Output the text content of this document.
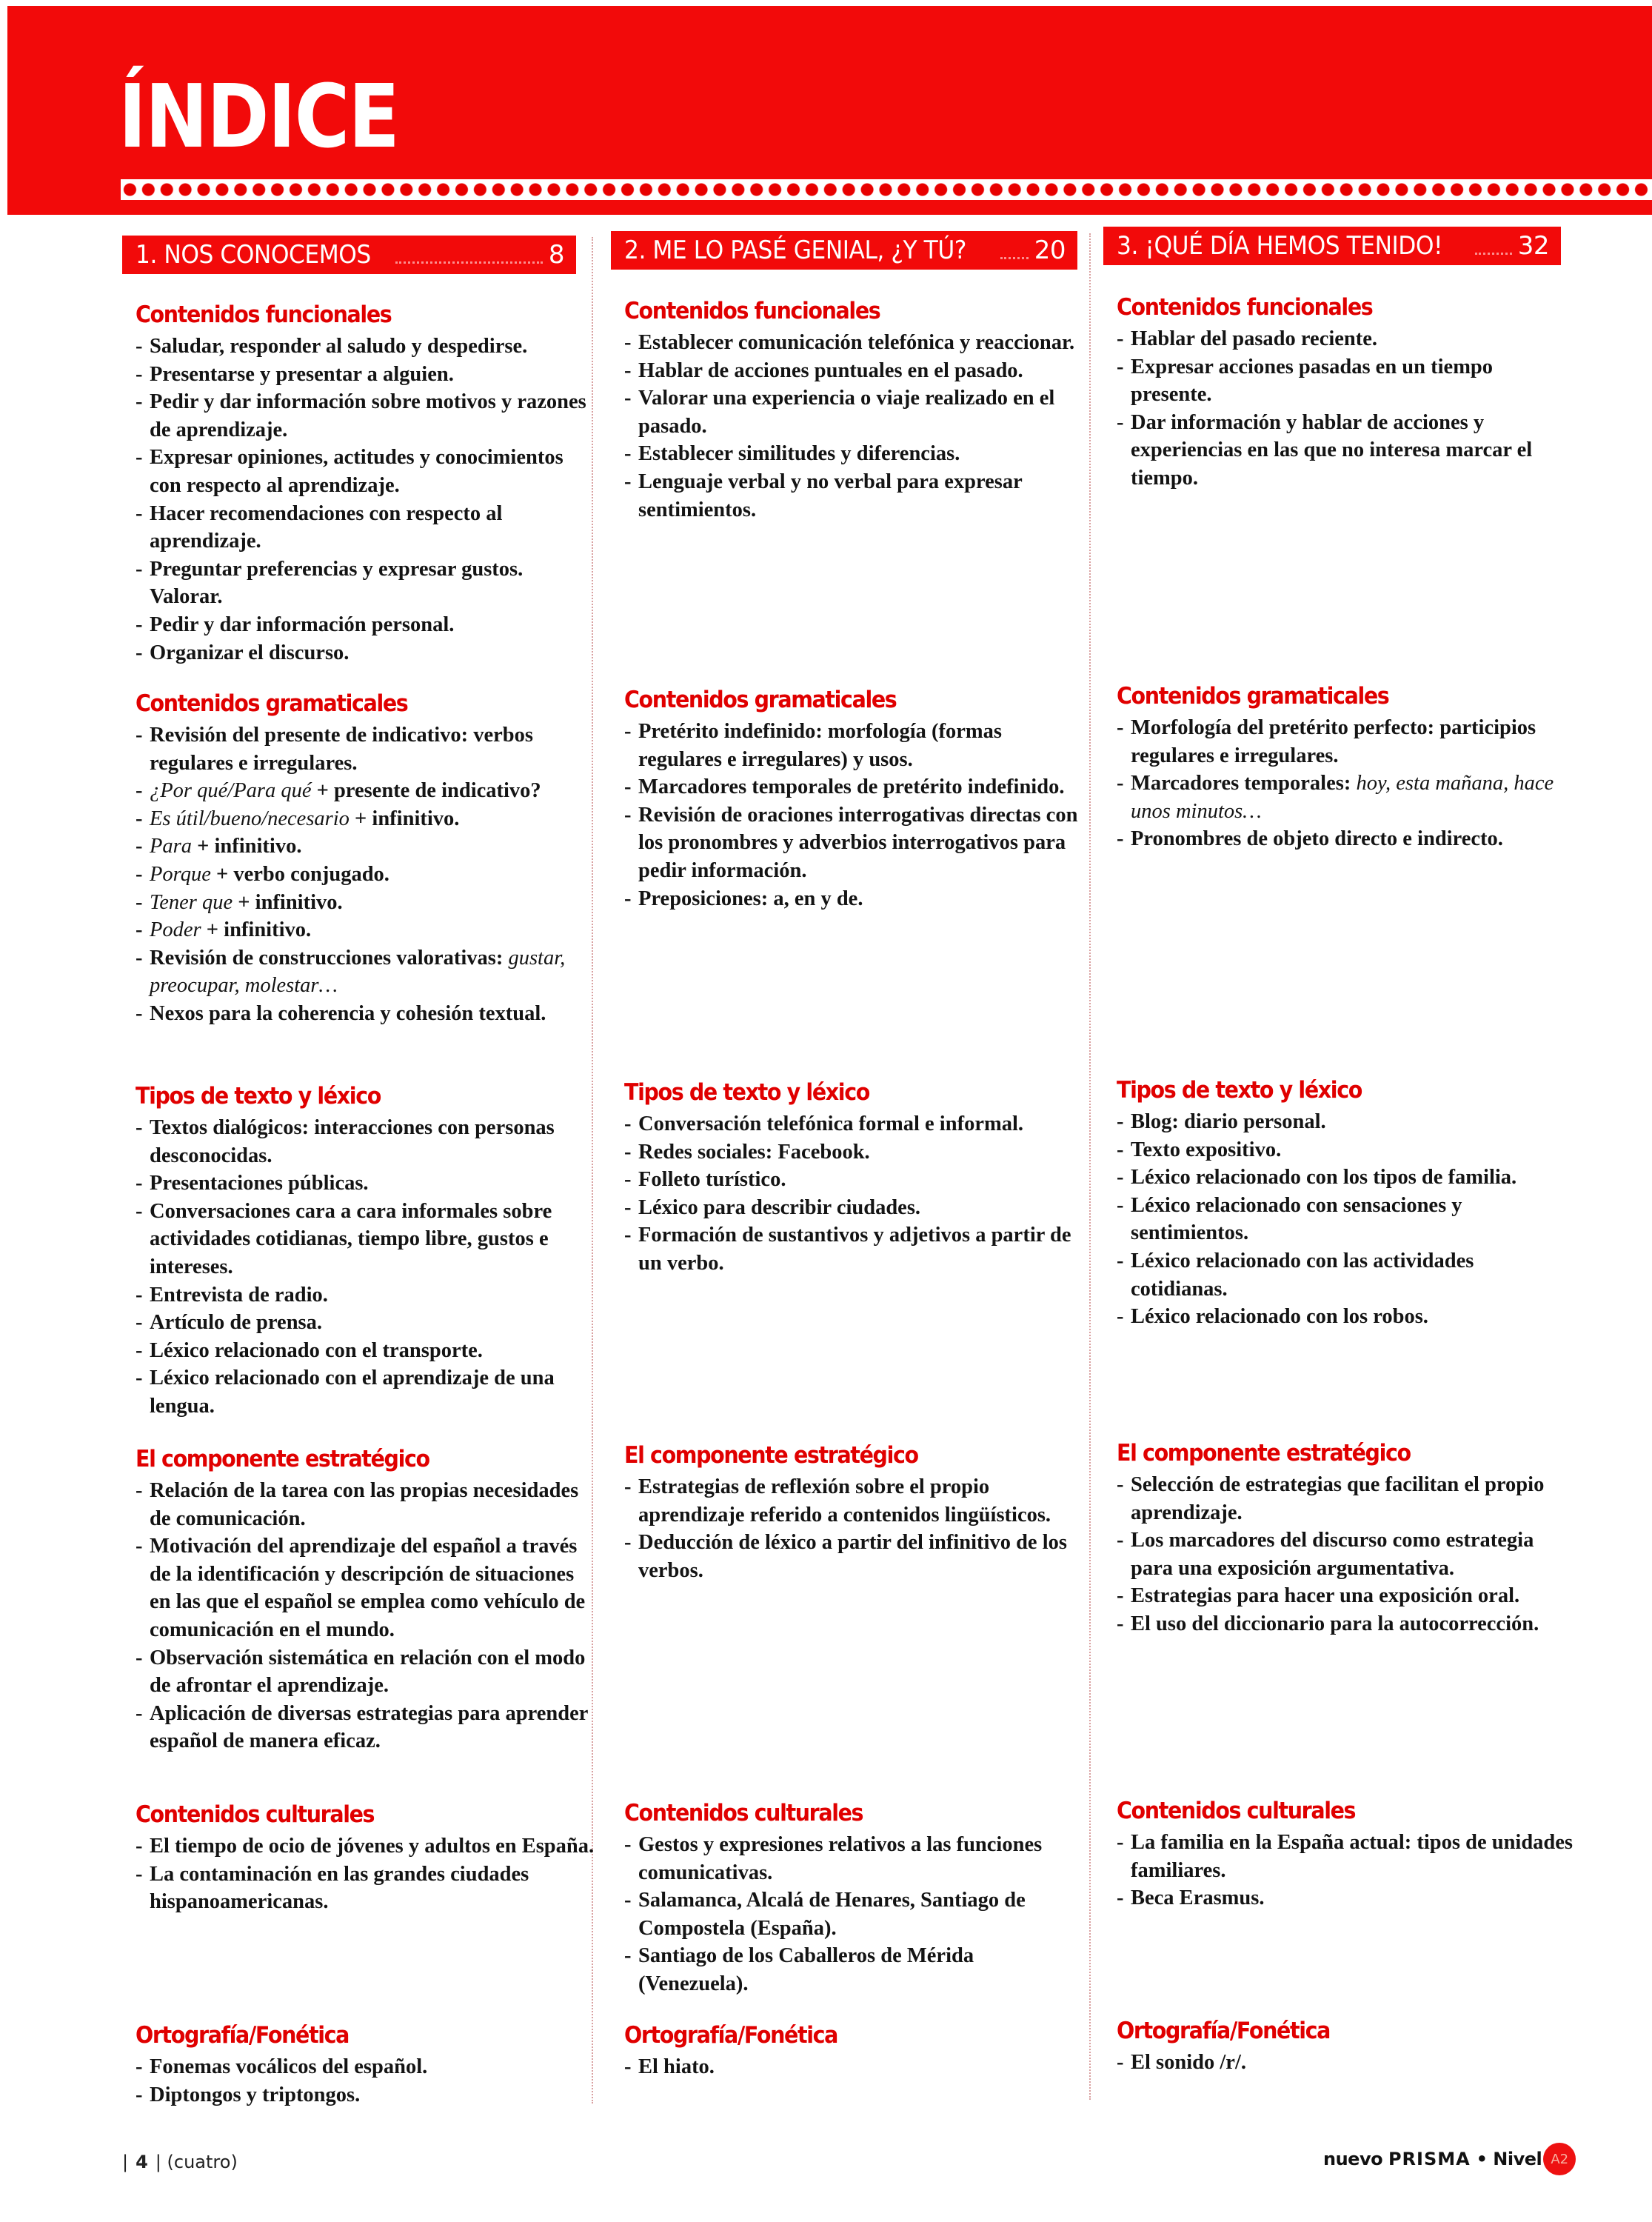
ÍNDICE
1. NOS CONOCEMOS	8 2. ME LO PASÉ GENIAL, ¿Y TÚ?	20 3. ¡QUÉ DÍA HEMOS TENIDO!	32
Contenidos funcionales
- Saludar, responder al saludo y despedirse.
- Presentarse y presentar a alguien.
- Pedir y dar información sobre motivos y razones de aprendizaje.
- Expresar opiniones, actitudes y conocimientos con respecto al aprendizaje.
- Hacer recomendaciones con respecto al aprendizaje.
- Preguntar preferencias y expresar gustos. Valorar.
- Pedir y dar información personal.
- Organizar el discurso.
Contenidos gramaticales
- Revisión del presente de indicativo: verbos regulares e irregulares.
- ¿Por qué/Para qué + presente de indicativo?
- Es útil/bueno/necesario + infinitivo.
- Para + infinitivo.
- Porque + verbo conjugado.
- Tener que + infinitivo.
- Poder + infinitivo.
- Revisión de construcciones valorativas: gustar, preocupar, molestar…
- Nexos para la coherencia y cohesión textual.
Tipos de texto y léxico
- Textos dialógicos: interacciones con personas desconocidas.
- Presentaciones públicas.
- Conversaciones cara a cara informales sobre actividades cotidianas, tiempo libre, gustos e intereses.
- Entrevista de radio.
- Artículo de prensa.
- Léxico relacionado con el transporte.
- Léxico relacionado con el aprendizaje de una lengua.
El componente estratégico
- Relación de la tarea con las propias necesidades de comunicación.
- Motivación del aprendizaje del español a través de la identificación y descripción de situaciones en las que el español se emplea como vehículo de comunicación en el mundo.
- Observación sistemática en relación con el modo de afrontar el aprendizaje.
- Aplicación de diversas estrategias para aprender español de manera eficaz.
Contenidos culturales
- El tiempo de ocio de jóvenes y adultos en España.
- La contaminación en las grandes ciudades hispanoamericanas.
Ortografía/Fonética
- Fonemas vocálicos del español.
- Diptongos y triptongos.
Contenidos funcionales
- Establecer comunicación telefónica y reaccionar.
- Hablar de acciones puntuales en el pasado.
- Valorar una experiencia o viaje realizado en el pasado.
- Establecer similitudes y diferencias.
- Lenguaje verbal y no verbal para expresar sentimientos.
Contenidos gramaticales
- Pretérito indefinido: morfología (formas regulares e irregulares) y usos.
- Marcadores temporales de pretérito indefinido.
- Revisión de oraciones interrogativas directas con los pronombres y adverbios interrogativos para pedir información.
- Preposiciones: a, en y de.
Tipos de texto y léxico
- Conversación telefónica formal e informal.
- Redes sociales: Facebook.
- Folleto turístico.
- Léxico para describir ciudades.
- Formación de sustantivos y adjetivos a partir de un verbo.
El componente estratégico
- Estrategias de reflexión sobre el propio aprendizaje referido a contenidos lingüísticos.
- Deducción de léxico a partir del infinitivo de los verbos.
Contenidos culturales
- Gestos y expresiones relativos a las funciones comunicativas.
- Salamanca, Alcalá de Henares, Santiago de Compostela (España).
- Santiago de los Caballeros de Mérida (Venezuela).
Ortografía/Fonética
- El hiato.
Contenidos funcionales
- Hablar del pasado reciente.
- Expresar acciones pasadas en un tiempo presente.
- Dar información y hablar de acciones y experiencias en las que no interesa marcar el tiempo.
Contenidos gramaticales
- Morfología del pretérito perfecto: participios regulares e irregulares.
- Marcadores temporales: hoy, esta mañana, hace unos minutos…
- Pronombres de objeto directo e indirecto.
Tipos de texto y léxico
- Blog: diario personal.
- Texto expositivo.
- Léxico relacionado con los tipos de familia.
- Léxico relacionado con sensaciones y sentimientos.
- Léxico relacionado con las actividades cotidianas.
- Léxico relacionado con los robos.
El componente estratégico
- Selección de estrategias que facilitan el propio aprendizaje.
- Los marcadores del discurso como estrategia para una exposición argumentativa.
- Estrategias para hacer una exposición oral.
- El uso del diccionario para la autocorrección.
Contenidos culturales
- La familia en la España actual: tipos de unidades familiares.
- Beca Erasmus.
Ortografía/Fonética
- El sonido /r/.
| 4 | (cuatro)	nuevo PRISMA • Nivel A2
